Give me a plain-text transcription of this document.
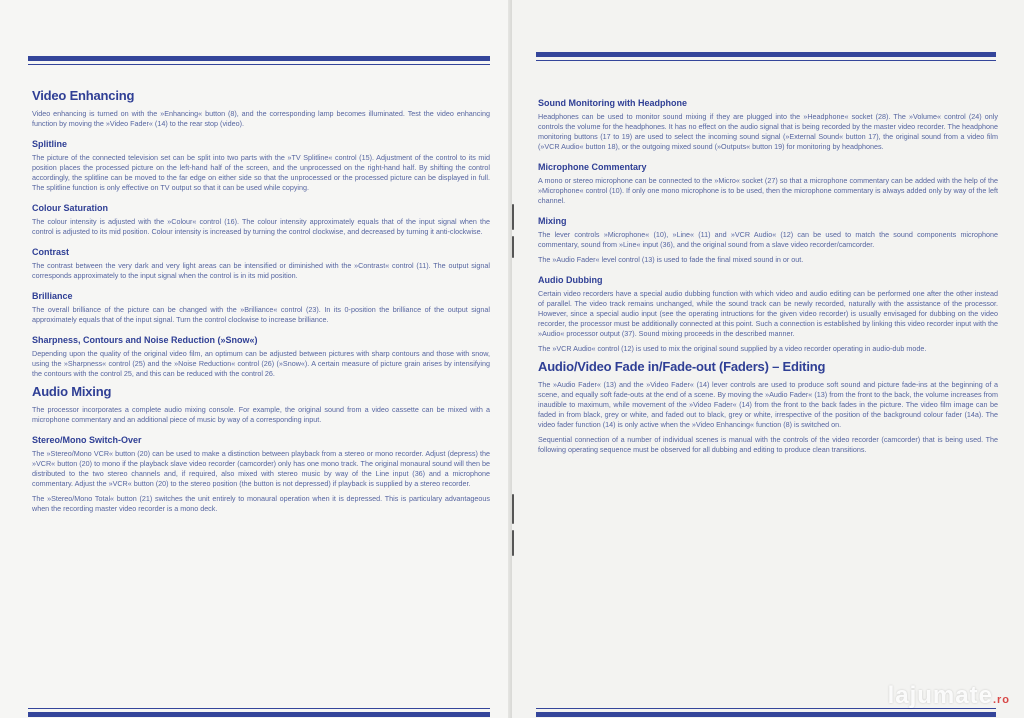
Video Enhancing

Video enhancing is turned on with the »Enhancing« button (8), and the corresponding lamp becomes illuminated. Test the video enhancing function by moving the »Video Fader« (14) to the rear stop (video).

Splitline

The picture of the connected television set can be split into two parts with the »TV Splitline« control (15). Adjustment of the control to its mid position places the processed picture on the left-hand half of the screen, and the unprocessed on the right-hand half. By shifting the control accordingly, the splitline can be moved to the far edge on either side so that the unprocessed or the processed picture can be displayed in full. The splitline function is only effective on TV output so that it can be used while copying.

Colour Saturation

The colour intensity is adjusted with the »Colour« control (16). The colour intensity approximately equals that of the input signal when the control is adjusted to its mid position. Colour intensity is increased by turning the control clockwise, and decreased by turning it anti-clockwise.

Contrast

The contrast between the very dark and very light areas can be intensified or diminished with the »Contrast« control (11). The output signal corresponds approximately to the input signal when the control is in its mid position.

Brilliance

The overall brilliance of the picture can be changed with the »Brilliance« control (23). In its 0-position the brilliance of the output signal approximately equals that of the input signal. Turn the control clockwise to increase brilliance.

Sharpness, Contours and Noise Reduction (»Snow«)

Depending upon the quality of the original video film, an optimum can be adjusted between pictures with sharp contours and those with snow, using the »Sharpness« control (25) and the »Noise Reduction« control (26) (»Snow«). A certain measure of picture grain arises by intensifying the contours with the control 25, and this can be reduced with the control 26.

Audio Mixing

The processor incorporates a complete audio mixing console. For example, the original sound from a video cassette can be mixed with a microphone commentary and an additional piece of music by way of a corresponding input.

Stereo/Mono Switch-Over

The »Stereo/Mono VCR« button (20) can be used to make a distinction between playback from a stereo or mono recorder. Adjust (depress) the »VCR« button (20) to mono if the playback slave video recorder (camcorder) only has one mono track. The original monaural sound will then be distributed to the two stereo channels and, if required, also mixed with stereo music by way of the Line input (36) and a microphone commentary. Adjust the »VCR« button (20) to the stereo position (the button is not depressed) if playback is supplied by a stereo recorder.

The »Stereo/Mono Total« button (21) switches the unit entirely to monaural operation when it is depressed. This is particulary advantageous when the recording master video recorder is a mono deck.

Sound Monitoring with Headphone

Headphones can be used to monitor sound mixing if they are plugged into the »Headphone« socket (28). The »Volume« control (24) only controls the volume for the headphones. It has no effect on the audio signal that is being recorded by the master video recorder. The headphone monitoring buttons (17 to 19) are used to select the incoming sound signal (»External Sound« button 17), the original sound from a video film (»VCR Audio« button 18), or the outgoing mixed sound (»Outputs« button 19) for monitoring by headphones.

Microphone Commentary

A mono or stereo microphone can be connected to the »Micro« socket (27) so that a microphone commentary can be added with the help of the »Microphone« control (10). If only one mono microphone is to be used, then the microphone commentary is always added only by way of the left channel.

Mixing

The lever controls »Microphone« (10), »Line« (11) and »VCR Audio« (12) can be used to match the sound components microphone commentary, sound from »Line« input (36), and the original sound from a slave video recorder/camcorder.

The »Audio Fader« level control (13) is used to fade the final mixed sound in or out.

Audio Dubbing

Certain video recorders have a special audio dubbing function with which video and audio editing can be performed one after the other instead of parallel. The video track remains unchanged, while the sound track can be newly recorded, naturally with the assistance of the processor. However, since a special audio input (see the operating intructions for the given video recorder) is usually envisaged for dubbing on the video recorder, the processor must be additionally connected at this point. Such a connection is established by linking this video recorder input with the »Audio« processor output (37). Sound mixing proceeds in the described manner.

The »VCR Audio« control (12) is used to mix the original sound supplied by a video recorder operating in audio-dub mode.

Audio/Video Fade in/Fade-out (Faders) – Editing

The »Audio Fader« (13) and the »Video Fader« (14) lever controls are used to produce soft sound and picture fade-ins at the beginning of a scene, and equally soft fade-outs at the end of a scene. By moving the »Audio Fader« (13) from the front to the back, the volume increases from inaudible to maximum, while movement of the »Video Fader« (14) from the front to the back fades in the picture. The video film image can be faded in from black, grey or white, and faded out to black, grey or white, irrespective of the position of the background colour fader (14a). The video fader function (14) is only active when the »Video Enhancing« function (8) is switched on.

Sequential connection of a number of individual scenes is manual with the controls of the video recorder (camcorder) that is being used. The following operating sequence must be observed for all dubbing and editing to produce clean transitions.

lajumate.ro
